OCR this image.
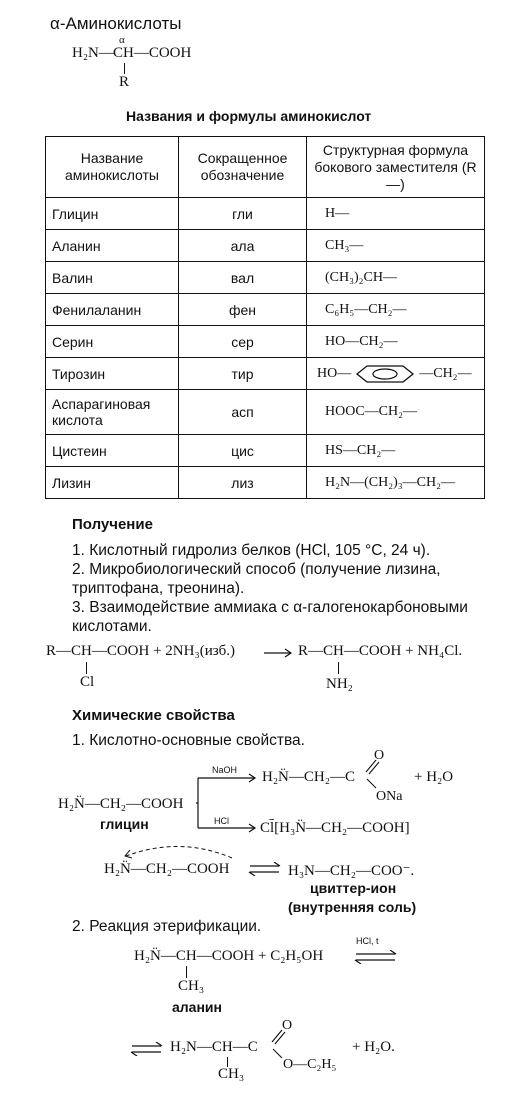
α-Аминокислоты
α
H₂N— CH—COOH
R
Названия и формулы аминокислот
Название аминокислоты	Сокращенное обозначение	Структурная формула бокового заместителя (R—)
Глицин	гли	H—
Аланин	ала	CH₃—
Валин	вал	(CH₃)₂CH—
Фенилаланин	фен	C₆H₅—CH₂—
Серин	сер	HO—CH₂—
Тирозин	тир	HO— —CH₂—
Аспарагиновая кислота	асп	HOOC—CH₂—
Цистеин	цис	HS—CH₂—
Лизин	лиз	H₂N—(CH₂)₃—CH₂—
Получение
1. Кислотный гидролиз белков (HCl, 105 °С, 24 ч).
2. Микробиологический способ (получение лизина, триптофана, треонина).
3. Взаимодействие аммиака с α-галогенокарбоновыми кислотами.
R—CH—COOH + 2NH₃(изб.)	R—CH—COOH + NH₄Cl.
Cl	NH₂
Химические свойства
1. Кислотно-основные свойства.
H₂N̈—CH₂—COOH
глицин
NaOH
HCl
H₂N̈—CH₂—C
O
ONa
+ H₂O
Cl̄[H₃N̈—CH₂—COOH]
H₂N̈—CH₂—COOH ⇌ H₃N—CH₂—COO⁻.
цвиттер-ион
(внутренняя соль)
2. Реакция этерификации.
H₂N̈—CH—COOH + C₂H₅OH
HCl, t
CH₃
аланин
⇌ H₂N—CH—C
O
O—C₂H₅
+ H₂O.
CH₃
